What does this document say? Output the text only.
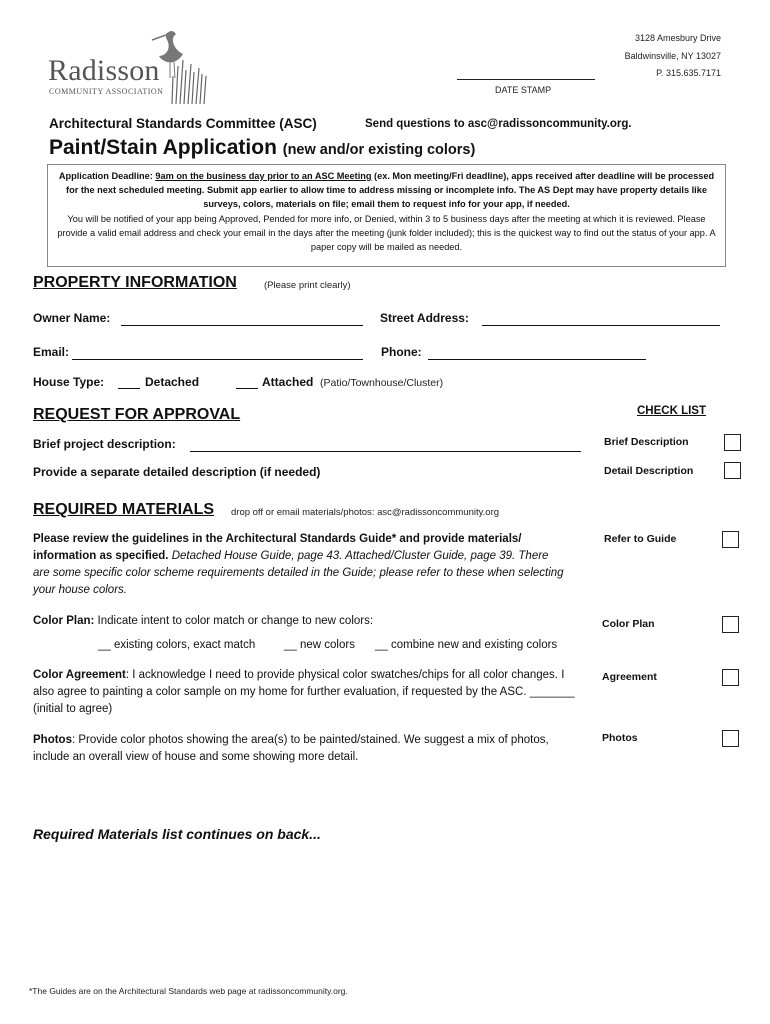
Radisson
COMMUNITY ASSOCIATION
3128 Amesbury Drive
Baldwinsville, NY 13027
P. 315.635.7171
DATE STAMP
Architectural Standards Committee (ASC)	Send questions to asc@radissoncommunity.org.
Paint/Stain Application (new and/or existing colors)
Application Deadline: 9am on the business day prior to an ASC Meeting (ex. Mon meeting/Fri deadline), apps received after deadline will be processed for the next scheduled meeting. Submit app earlier to allow time to address missing or incomplete info. The AS Dept may have property details like surveys, colors, materials on file; email them to request info for your app, if needed.
You will be notified of your app being Approved, Pended for more info, or Denied, within 3 to 5 business days after the meeting at which it is reviewed. Please provide a valid email address and check your email in the days after the meeting (junk folder included); this is the quickest way to find out the status of your app. A paper copy will be mailed as needed.
PROPERTY INFORMATION	(Please print clearly)
Owner Name:	Street Address:
Email:	Phone:
House Type:	Detached	Attached (Patio/Townhouse/Cluster)
REQUEST FOR APPROVAL
Brief project description:
Provide a separate detailed description (if needed)
CHECK LIST
Brief Description
Detail Description
Refer to Guide
Color Plan
Agreement
Photos
REQUIRED MATERIALS drop off or email materials/photos: asc@radissoncommunity.org
Please review the guidelines in the Architectural Standards Guide* and provide materials/ information as specified. Detached House Guide, page 43. Attached/Cluster Guide, page 39. There are some specific color scheme requirements detailed in the Guide; please refer to these when selecting your house colors.
Color Plan: Indicate intent to color match or change to new colors:
__ existing colors, exact match	__ new colors __ combine new and existing colors
Color Agreement: I acknowledge I need to provide physical color swatches/chips for all color changes. I also agree to painting a color sample on my home for further evaluation, if requested by the ASC. _______ (initial to agree)
Photos: Provide color photos showing the area(s) to be painted/stained. We suggest a mix of photos, include an overall view of house and some showing more detail.
Required Materials list continues on back...
*The Guides are on the Architectural Standards web page at radissoncommunity.org.
